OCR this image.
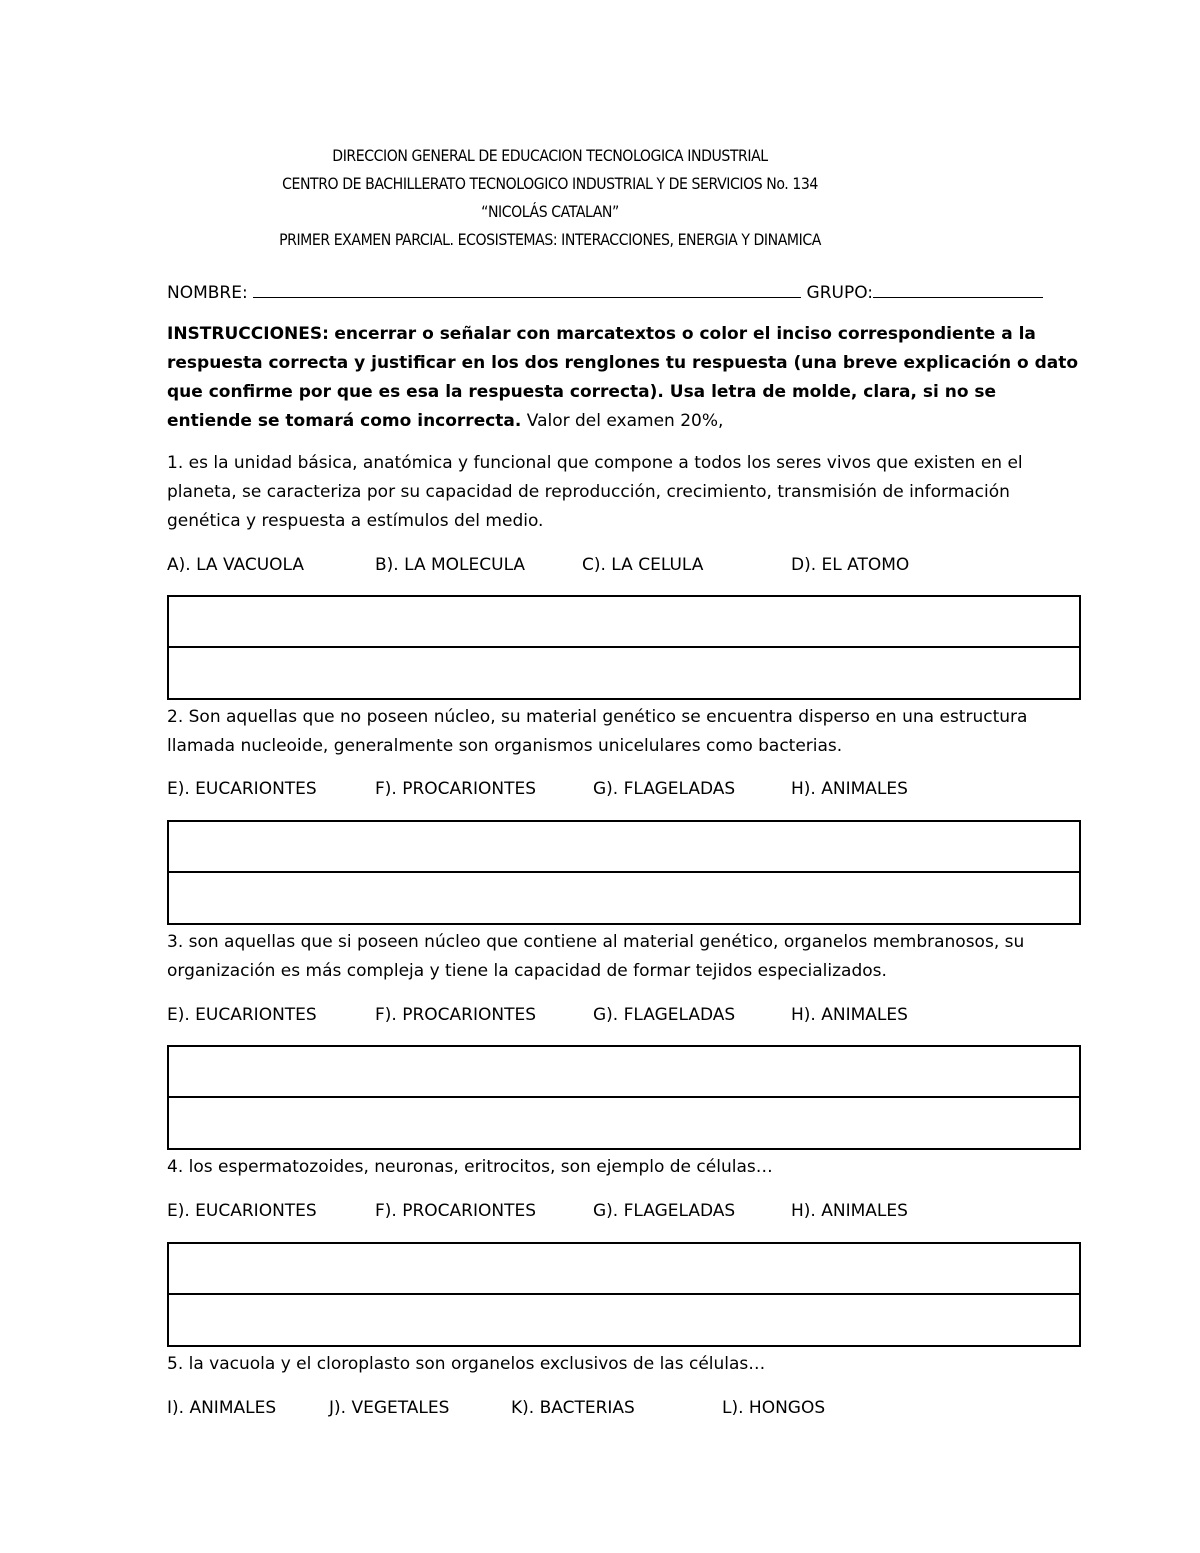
DIRECCION GENERAL DE EDUCACION TECNOLOGICA INDUSTRIAL
CENTRO DE BACHILLERATO TECNOLOGICO INDUSTRIAL Y DE SERVICIOS No. 134
“NICOLÁS CATALAN”
PRIMER EXAMEN PARCIAL. ECOSISTEMAS: INTERACCIONES, ENERGIA Y DINAMICA
NOMBRE:	GRUPO:
INSTRUCCIONES: encerrar o señalar con marcatextos o color el inciso correspondiente a la respuesta correcta y justificar en los dos renglones tu respuesta (una breve explicación o dato que confirme por que es esa la respuesta correcta). Usa letra de molde, clara, si no se entiende se tomará como incorrecta. Valor del examen 20%,
1. es la unidad básica, anatómica y funcional que compone a todos los seres vivos que existen en el planeta, se caracteriza por su capacidad de reproducción, crecimiento, transmisión de información genética y respuesta a estímulos del medio.
A). LA VACUOLA	B). LA MOLECULA	C). LA CELULA	D). EL ATOMO
2. Son aquellas que no poseen núcleo, su material genético se encuentra disperso en una estructura llamada nucleoide, generalmente son organismos unicelulares como bacterias.
E). EUCARIONTES	F). PROCARIONTES	G). FLAGELADAS	H). ANIMALES
3. son aquellas que si poseen núcleo que contiene al material genético, organelos membranosos, su organización es más compleja y tiene la capacidad de formar tejidos especializados.
E). EUCARIONTES	F). PROCARIONTES	G). FLAGELADAS	H). ANIMALES
4. los espermatozoides, neuronas, eritrocitos, son ejemplo de células…
E). EUCARIONTES	F). PROCARIONTES	G). FLAGELADAS	H). ANIMALES
5. la vacuola y el cloroplasto son organelos exclusivos de las células…
I). ANIMALES	J). VEGETALES	K). BACTERIAS	L). HONGOS
